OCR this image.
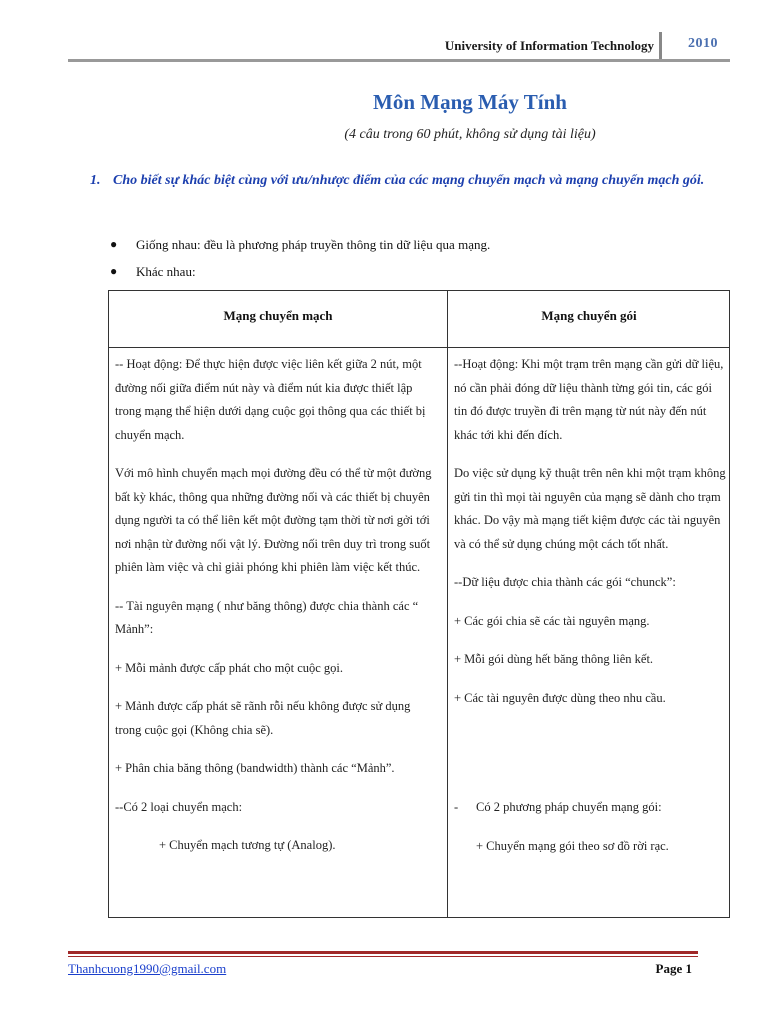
University of Information Technology 2010
Môn Mạng Máy Tính
(4 câu trong 60 phút, không sử dụng tài liệu)
1. Cho biết sự khác biệt cùng với ưu/nhược điểm của các mạng chuyển mạch và mạng chuyển mạch gói.
● Giống nhau: đều là phương pháp truyền thông tin dữ liệu qua mạng.
● Khác nhau:
Mạng chuyển mạch	Mạng chuyển gói

-- Hoạt động: Để thực hiện được việc liên kết giữa 2 nút, một đường nối giữa điểm nút này và điểm nút kia được thiết lập trong mạng thể hiện dưới dạng cuộc gọi thông qua các thiết bị chuyển mạch.

Với mô hình chuyển mạch mọi đường đều có thể từ một đường bất kỳ khác, thông qua những đường nối và các thiết bị chuyên dụng người ta có thể liên kết một đường tạm thời từ nơi gởi tới nơi nhận từ đường nối vật lý. Đường nối trên duy trì trong suốt phiên làm việc và chỉ giải phóng khi phiên làm việc kết thúc.

-- Tài nguyên mạng ( như băng thông) được chia thành các “ Mảnh”:

+ Mỗi mảnh được cấp phát cho một cuộc gọi.

+ Mảnh được cấp phát sẽ rãnh rỗi nếu không được sử dụng trong cuộc gọi (Không chia sẽ).

+ Phân chia băng thông (bandwidth) thành các “Mảnh”.

--Có 2 loại chuyển mạch:

+ Chuyển mạch tương tự (Analog).

--Hoạt động: Khi một trạm trên mạng cần gửi dữ liệu, nó cần phải đóng dữ liệu thành từng gói tin, các gói tin đó được truyền đi trên mạng từ nút này đến nút khác tới khi đến đích.

Do việc sử dụng kỹ thuật trên nên khi một trạm không gửi tin thì mọi tài nguyên của mạng sẽ dành cho trạm khác. Do vậy mà mạng tiết kiệm được các tài nguyên và có thể sử dụng chúng một cách tốt nhất.

--Dữ liệu được chia thành các gói “chunck”:

+ Các gói chia sẽ các tài nguyên mạng.

+ Mỗi gói dùng hết băng thông liên kết.

+ Các tài nguyên được dùng theo nhu cầu.

- Có 2 phương pháp chuyển mạng gói:

+ Chuyển mạng gói theo sơ đồ rời rạc.

Thanhcuong1990@gmail.com	Page 1
